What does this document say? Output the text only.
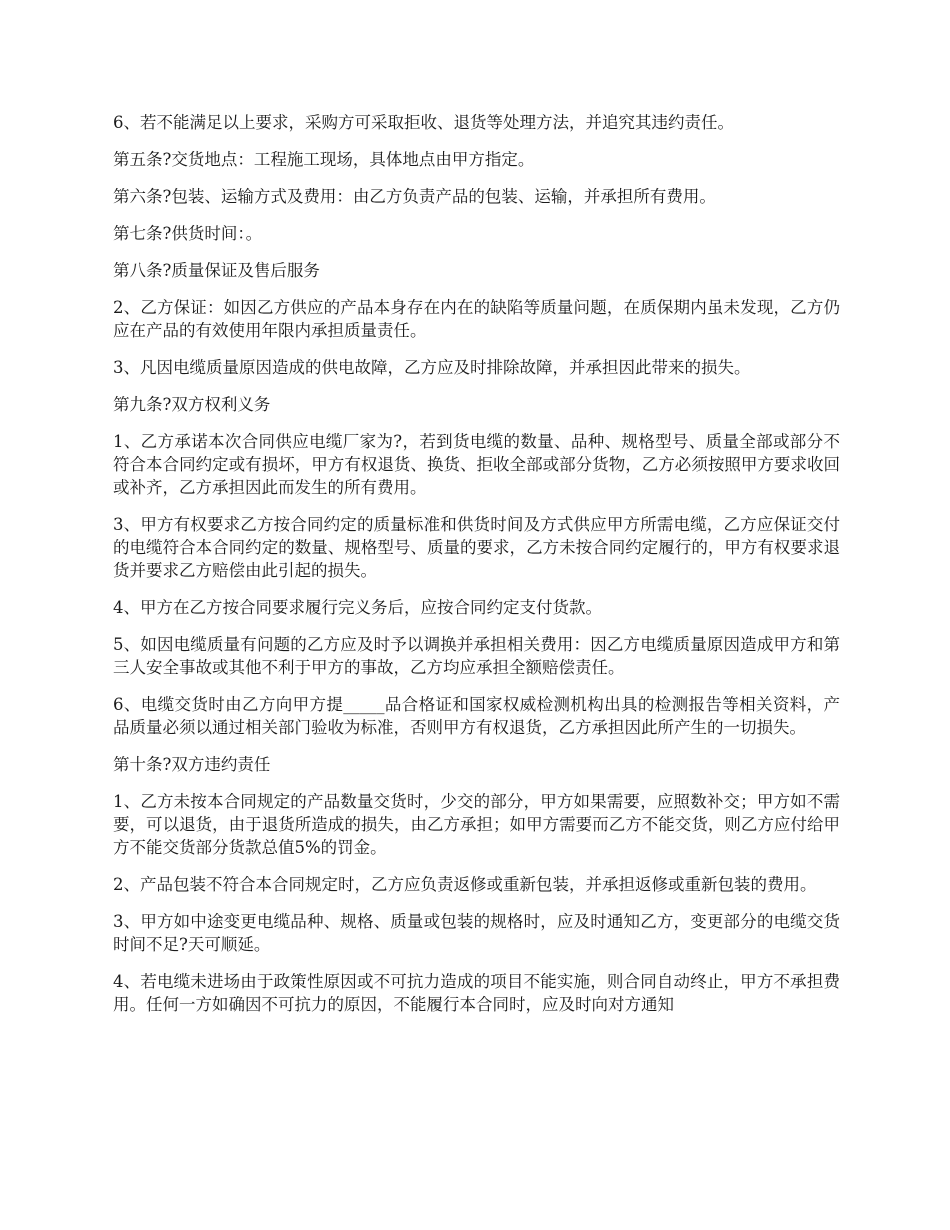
6、若不能满足以上要求，采购方可采取拒收、退货等处理方法，并追究其违约责任。

第五条?交货地点：工程施工现场，具体地点由甲方指定。

第六条?包装、运输方式及费用：由乙方负责产品的包装、运输，并承担所有费用。

第七条?供货时间：。

第八条?质量保证及售后服务

2、乙方保证：如因乙方供应的产品本身存在内在的缺陷等质量问题，在质保期内虽未发现，乙方仍应在产品的有效使用年限内承担质量责任。

3、凡因电缆质量原因造成的供电故障，乙方应及时排除故障，并承担因此带来的损失。

第九条?双方权利义务

1、乙方承诺本次合同供应电缆厂家为?，若到货电缆的数量、品种、规格型号、质量全部或部分不符合本合同约定或有损坏，甲方有权退货、换货、拒收全部或部分货物，乙方必须按照甲方要求收回或补齐，乙方承担因此而发生的所有费用。

3、甲方有权要求乙方按合同约定的质量标准和供货时间及方式供应甲方所需电缆，乙方应保证交付的电缆符合本合同约定的数量、规格型号、质量的要求，乙方未按合同约定履行的，甲方有权要求退货并要求乙方赔偿由此引起的损失。

4、甲方在乙方按合同要求履行完义务后，应按合同约定支付货款。

5、如因电缆质量有问题的乙方应及时予以调换并承担相关费用：因乙方电缆质量原因造成甲方和第三人安全事故或其他不利于甲方的事故，乙方均应承担全额赔偿责任。

6、电缆交货时由乙方向甲方提_____品合格证和国家权威检测机构出具的检测报告等相关资料，产品质量必须以通过相关部门验收为标准，否则甲方有权退货，乙方承担因此所产生的一切损失。

第十条?双方违约责任

1、乙方未按本合同规定的产品数量交货时，少交的部分，甲方如果需要，应照数补交；甲方如不需要，可以退货，由于退货所造成的损失，由乙方承担；如甲方需要而乙方不能交货，则乙方应付给甲方不能交货部分货款总值5%的罚金。

2、产品包装不符合本合同规定时，乙方应负责返修或重新包装，并承担返修或重新包装的费用。

3、甲方如中途变更电缆品种、规格、质量或包装的规格时，应及时通知乙方，变更部分的电缆交货时间不足?天可顺延。

4、若电缆未进场由于政策性原因或不可抗力造成的项目不能实施，则合同自动终止，甲方不承担费用。任何一方如确因不可抗力的原因，不能履行本合同时，应及时向对方通知
